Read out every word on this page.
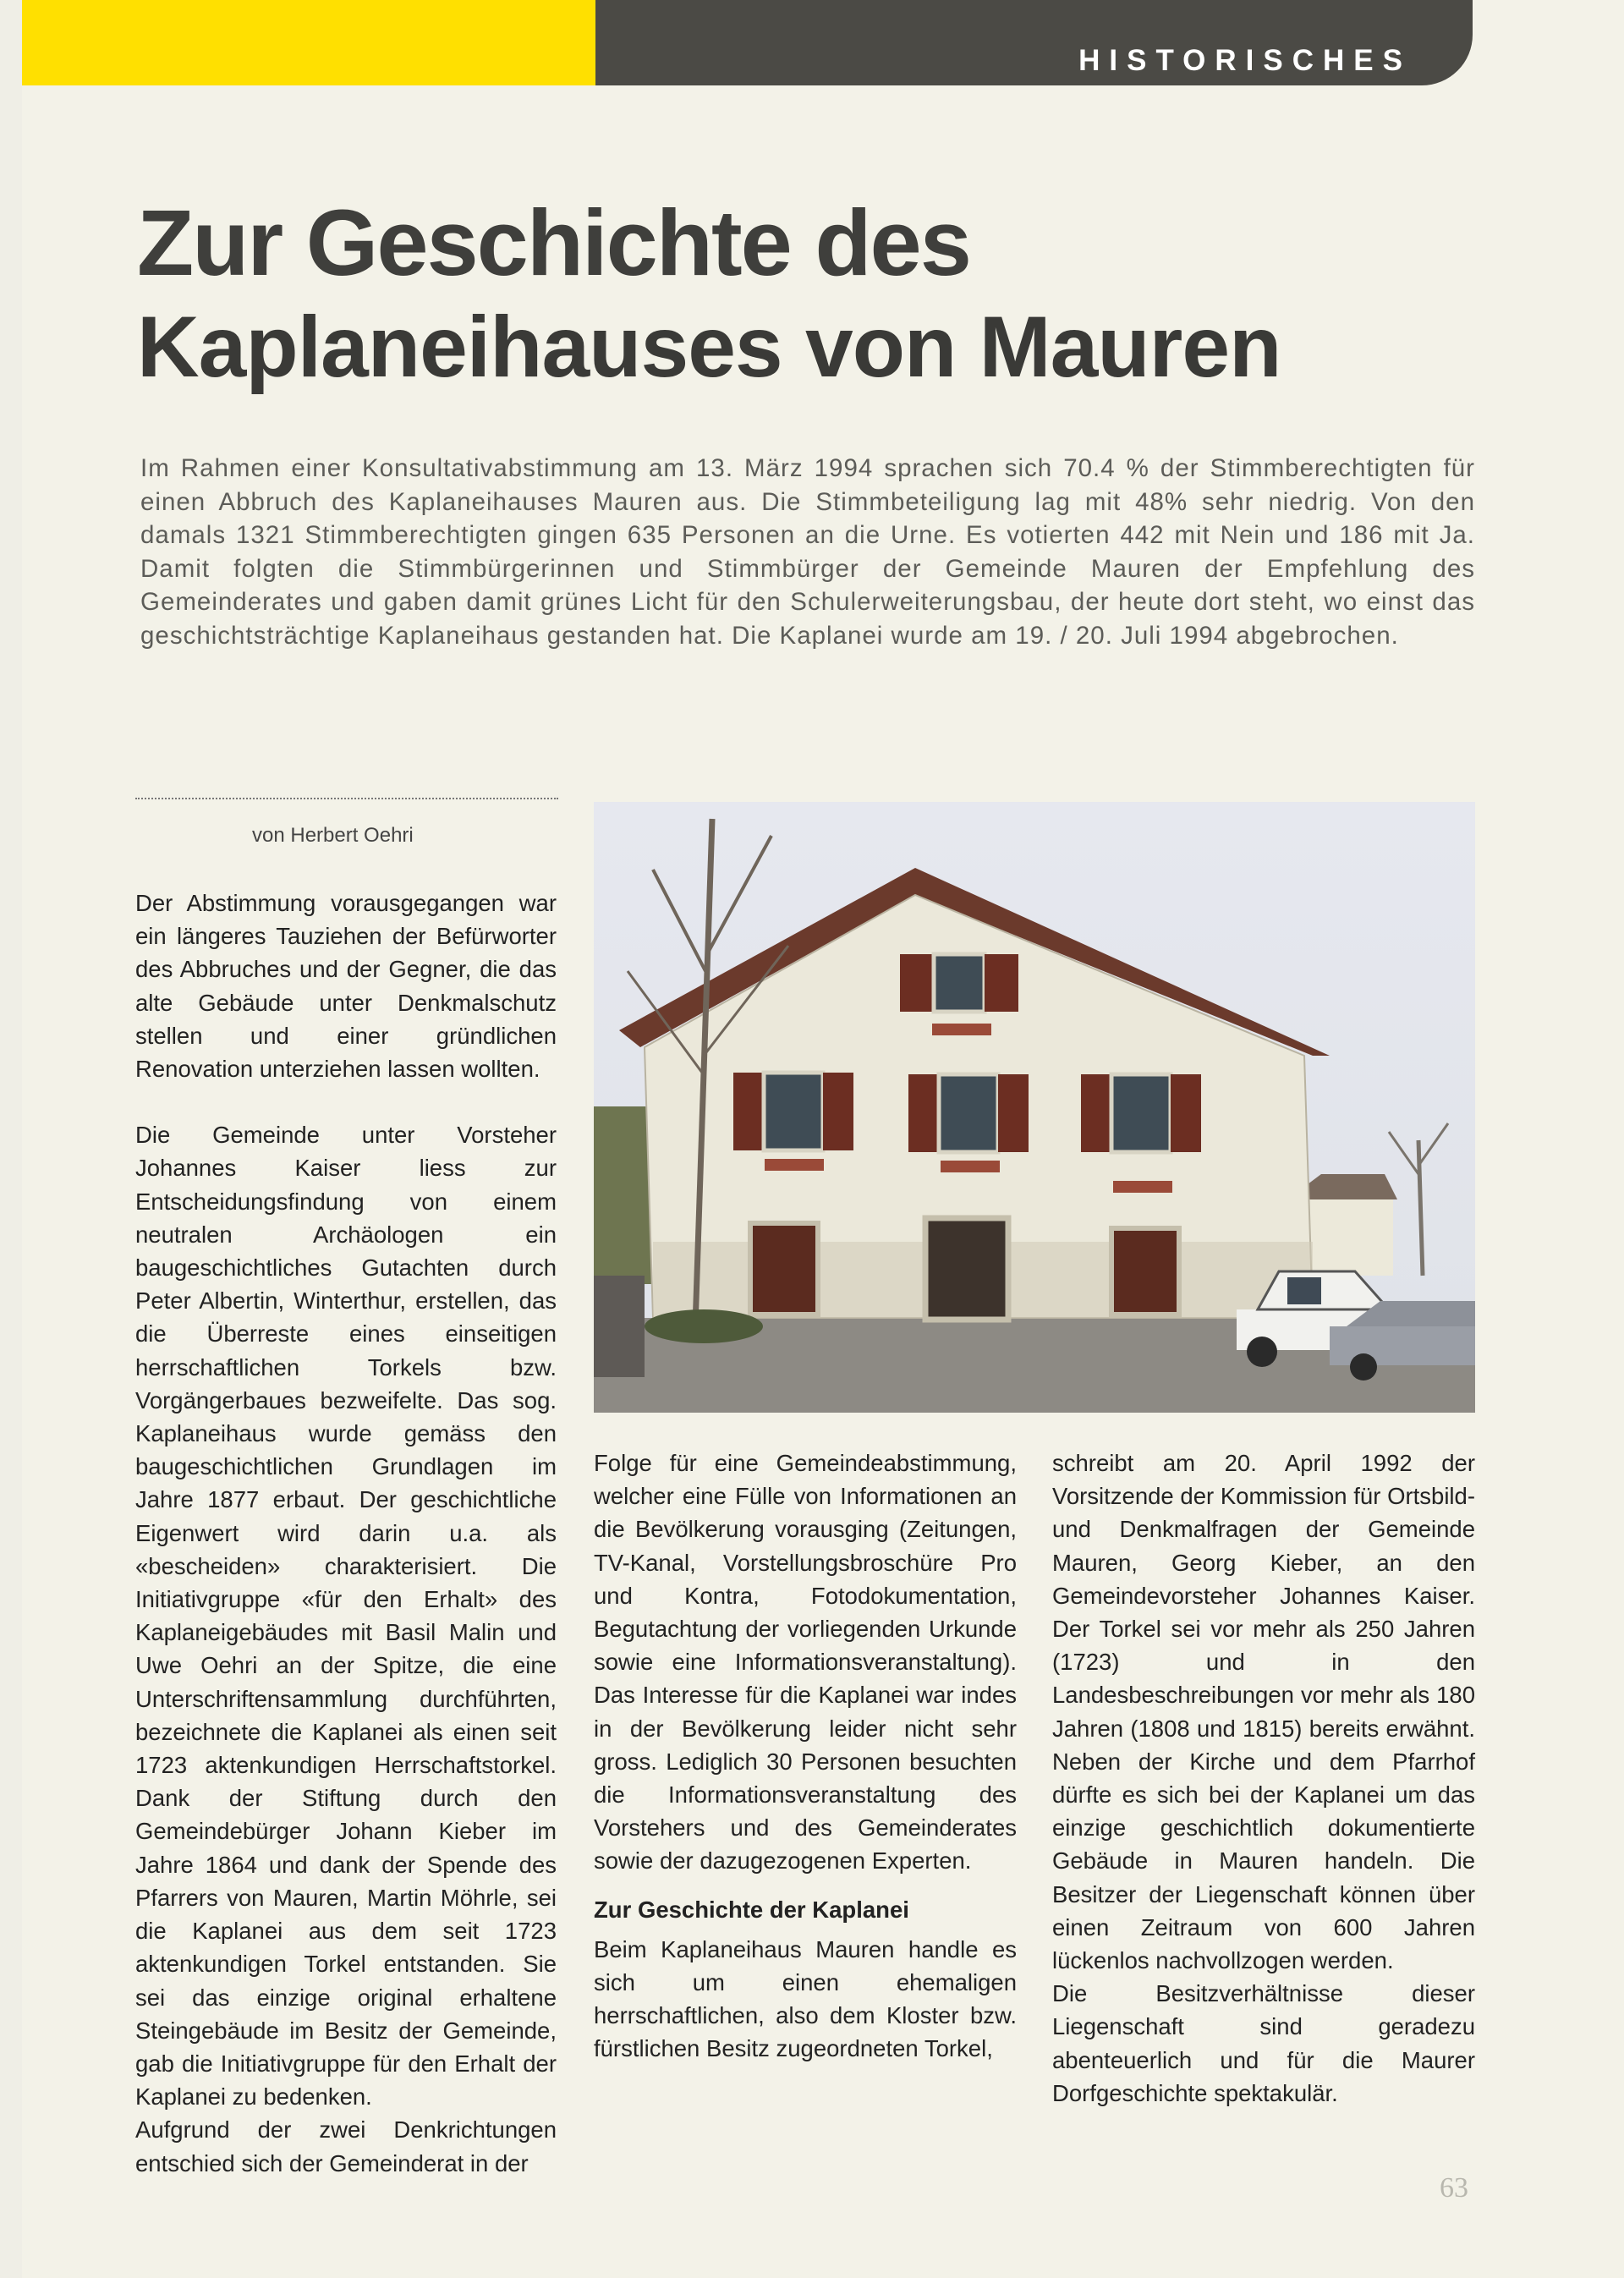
HISTORISCHES
Zur Geschichte des
Kaplaneihauses von Mauren
Im Rahmen einer Konsultativabstimmung am 13. März 1994 sprachen sich 70.4 % der Stimmberechtigten für einen Abbruch des Kaplaneihauses Mauren aus. Die Stimmbeteiligung lag mit 48% sehr niedrig. Von den damals 1321 Stimmberechtigten gingen 635 Personen an die Urne. Es votierten 442 mit Nein und 186 mit Ja. Damit folgten die Stimmbürgerinnen und Stimmbürger der Gemeinde Mauren der Empfehlung des Gemeinderates und gaben damit grünes Licht für den Schulerweiterungsbau, der heute dort steht, wo einst das geschichtsträchtige Kaplaneihaus gestanden hat. Die Kaplanei wurde am 19. / 20. Juli 1994 abgebrochen.
von Herbert Oehri

Der Abstimmung vorausgegangen war ein längeres Tauziehen der Befürworter des Abbruches und der Gegner, die das alte Gebäude unter Denkmalschutz stellen und einer gründlichen Renovation unterziehen lassen wollten.

Die Gemeinde unter Vorsteher Johannes Kaiser liess zur Entscheidungsfindung von einem neutralen Archäologen ein baugeschichtliches Gutachten durch Peter Albertin, Winterthur, erstellen, das die Überreste eines einseitigen herrschaftlichen Torkels bzw. Vorgängerbaues bezweifelte. Das sog. Kaplaneihaus wurde gemäss den baugeschichtlichen Grundlagen im Jahre 1877 erbaut. Der geschichtliche Eigenwert wird darin u.a. als «bescheiden» charakterisiert. Die Initiativgruppe «für den Erhalt» des Kaplaneigebäudes mit Basil Malin und Uwe Oehri an der Spitze, die eine Unterschriftensammlung durchführten, bezeichnete die Kaplanei als einen seit 1723 aktenkundigen Herrschaftstorkel. Dank der Stiftung durch den Gemeindebürger Johann Kieber im Jahre 1864 und dank der Spende des Pfarrers von Mauren, Martin Möhrle, sei die Kaplanei aus dem seit 1723 aktenkundigen Torkel entstanden. Sie sei das einzige original erhaltene Steingebäude im Besitz der Gemeinde, gab die Initiativgruppe für den Erhalt der Kaplanei zu bedenken.

Aufgrund der zwei Denkrichtungen entschied sich der Gemeinderat in der

Folge für eine Gemeindeabstimmung, welcher eine Fülle von Informationen an die Bevölkerung vorausging (Zeitungen, TV-Kanal, Vorstellungsbroschüre Pro und Kontra, Fotodokumentation, Begutachtung der vorliegenden Urkunde sowie eine Informationsveranstaltung). Das Interesse für die Kaplanei war indes in der Bevölkerung leider nicht sehr gross. Lediglich 30 Personen besuchten die Informationsveranstaltung des Vorstehers und des Gemeinderates sowie der dazugezogenen Experten.

Zur Geschichte der Kaplanei

Beim Kaplaneihaus Mauren handle es sich um einen ehemaligen herrschaftlichen, also dem Kloster bzw. fürstlichen Besitz zugeordneten Torkel,

schreibt am 20. April 1992 der Vorsitzende der Kommission für Ortsbild- und Denkmalfragen der Gemeinde Mauren, Georg Kieber, an den Gemeindevorsteher Johannes Kaiser. Der Torkel sei vor mehr als 250 Jahren (1723) und in den Landesbeschreibungen vor mehr als 180 Jahren (1808 und 1815) bereits erwähnt. Neben der Kirche und dem Pfarrhof dürfte es sich bei der Kaplanei um das einzige geschichtlich dokumentierte Gebäude in Mauren handeln. Die Besitzer der Liegenschaft können über einen Zeitraum von 600 Jahren lückenlos nachvollzogen werden.

Die Besitzverhältnisse dieser Liegenschaft sind geradezu abenteuerlich und für die Maurer Dorfgeschichte spektakulär.

63
